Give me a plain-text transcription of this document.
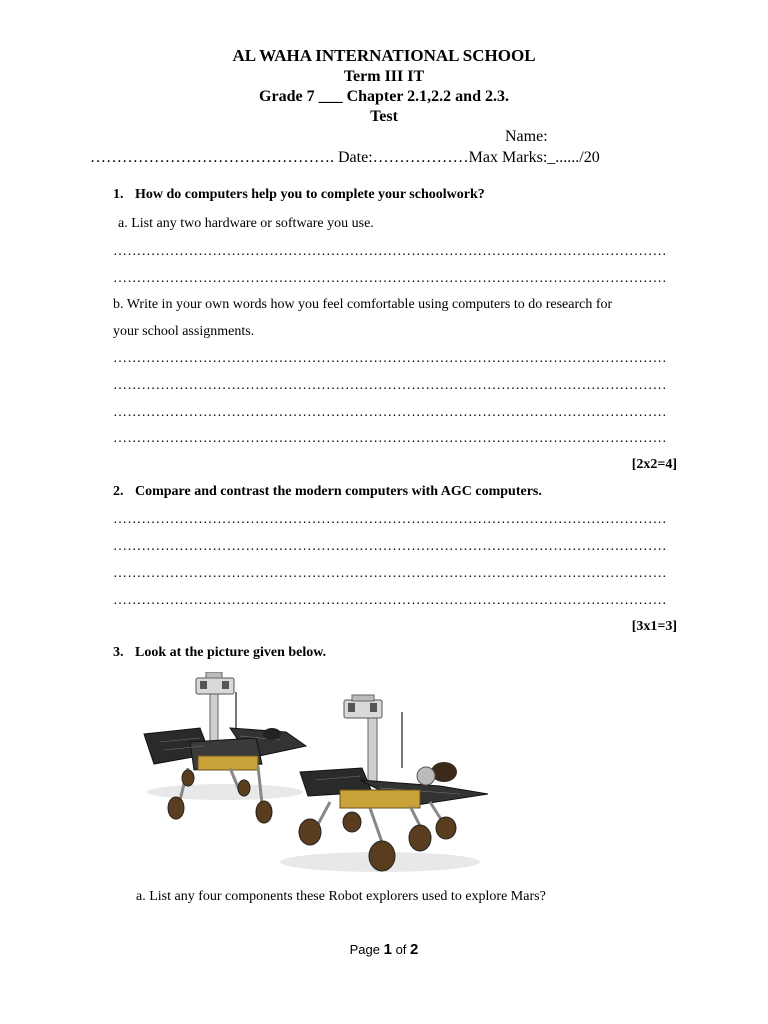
AL WAHA INTERNATIONAL SCHOOL
Term III IT
Grade 7 ___ Chapter 2.1,2.2 and 2.3.
Test
Name:
………………………………………. Date:………………Max Marks:_....../20
1. How do computers help you to complete your schoolwork?
a. List any two hardware or software you use.
………………………………………………………………………………………………………
………………………………………………………………………………………………………
b. Write in your own words how you feel comfortable using computers to do research for
your school assignments.
………………………………………………………………………………………………………
………………………………………………………………………………………………………
………………………………………………………………………………………………………
………………………………………………………………………………………………………
[2x2=4]
2. Compare and contrast the modern computers with AGC computers.
………………………………………………………………………………………………………
………………………………………………………………………………………………………
………………………………………………………………………………………………………
………………………………………………………………………………………………………
[3x1=3]
3. Look at the picture given below.
a. List any four components these Robot explorers used to explore Mars?
Page 1 of 2
